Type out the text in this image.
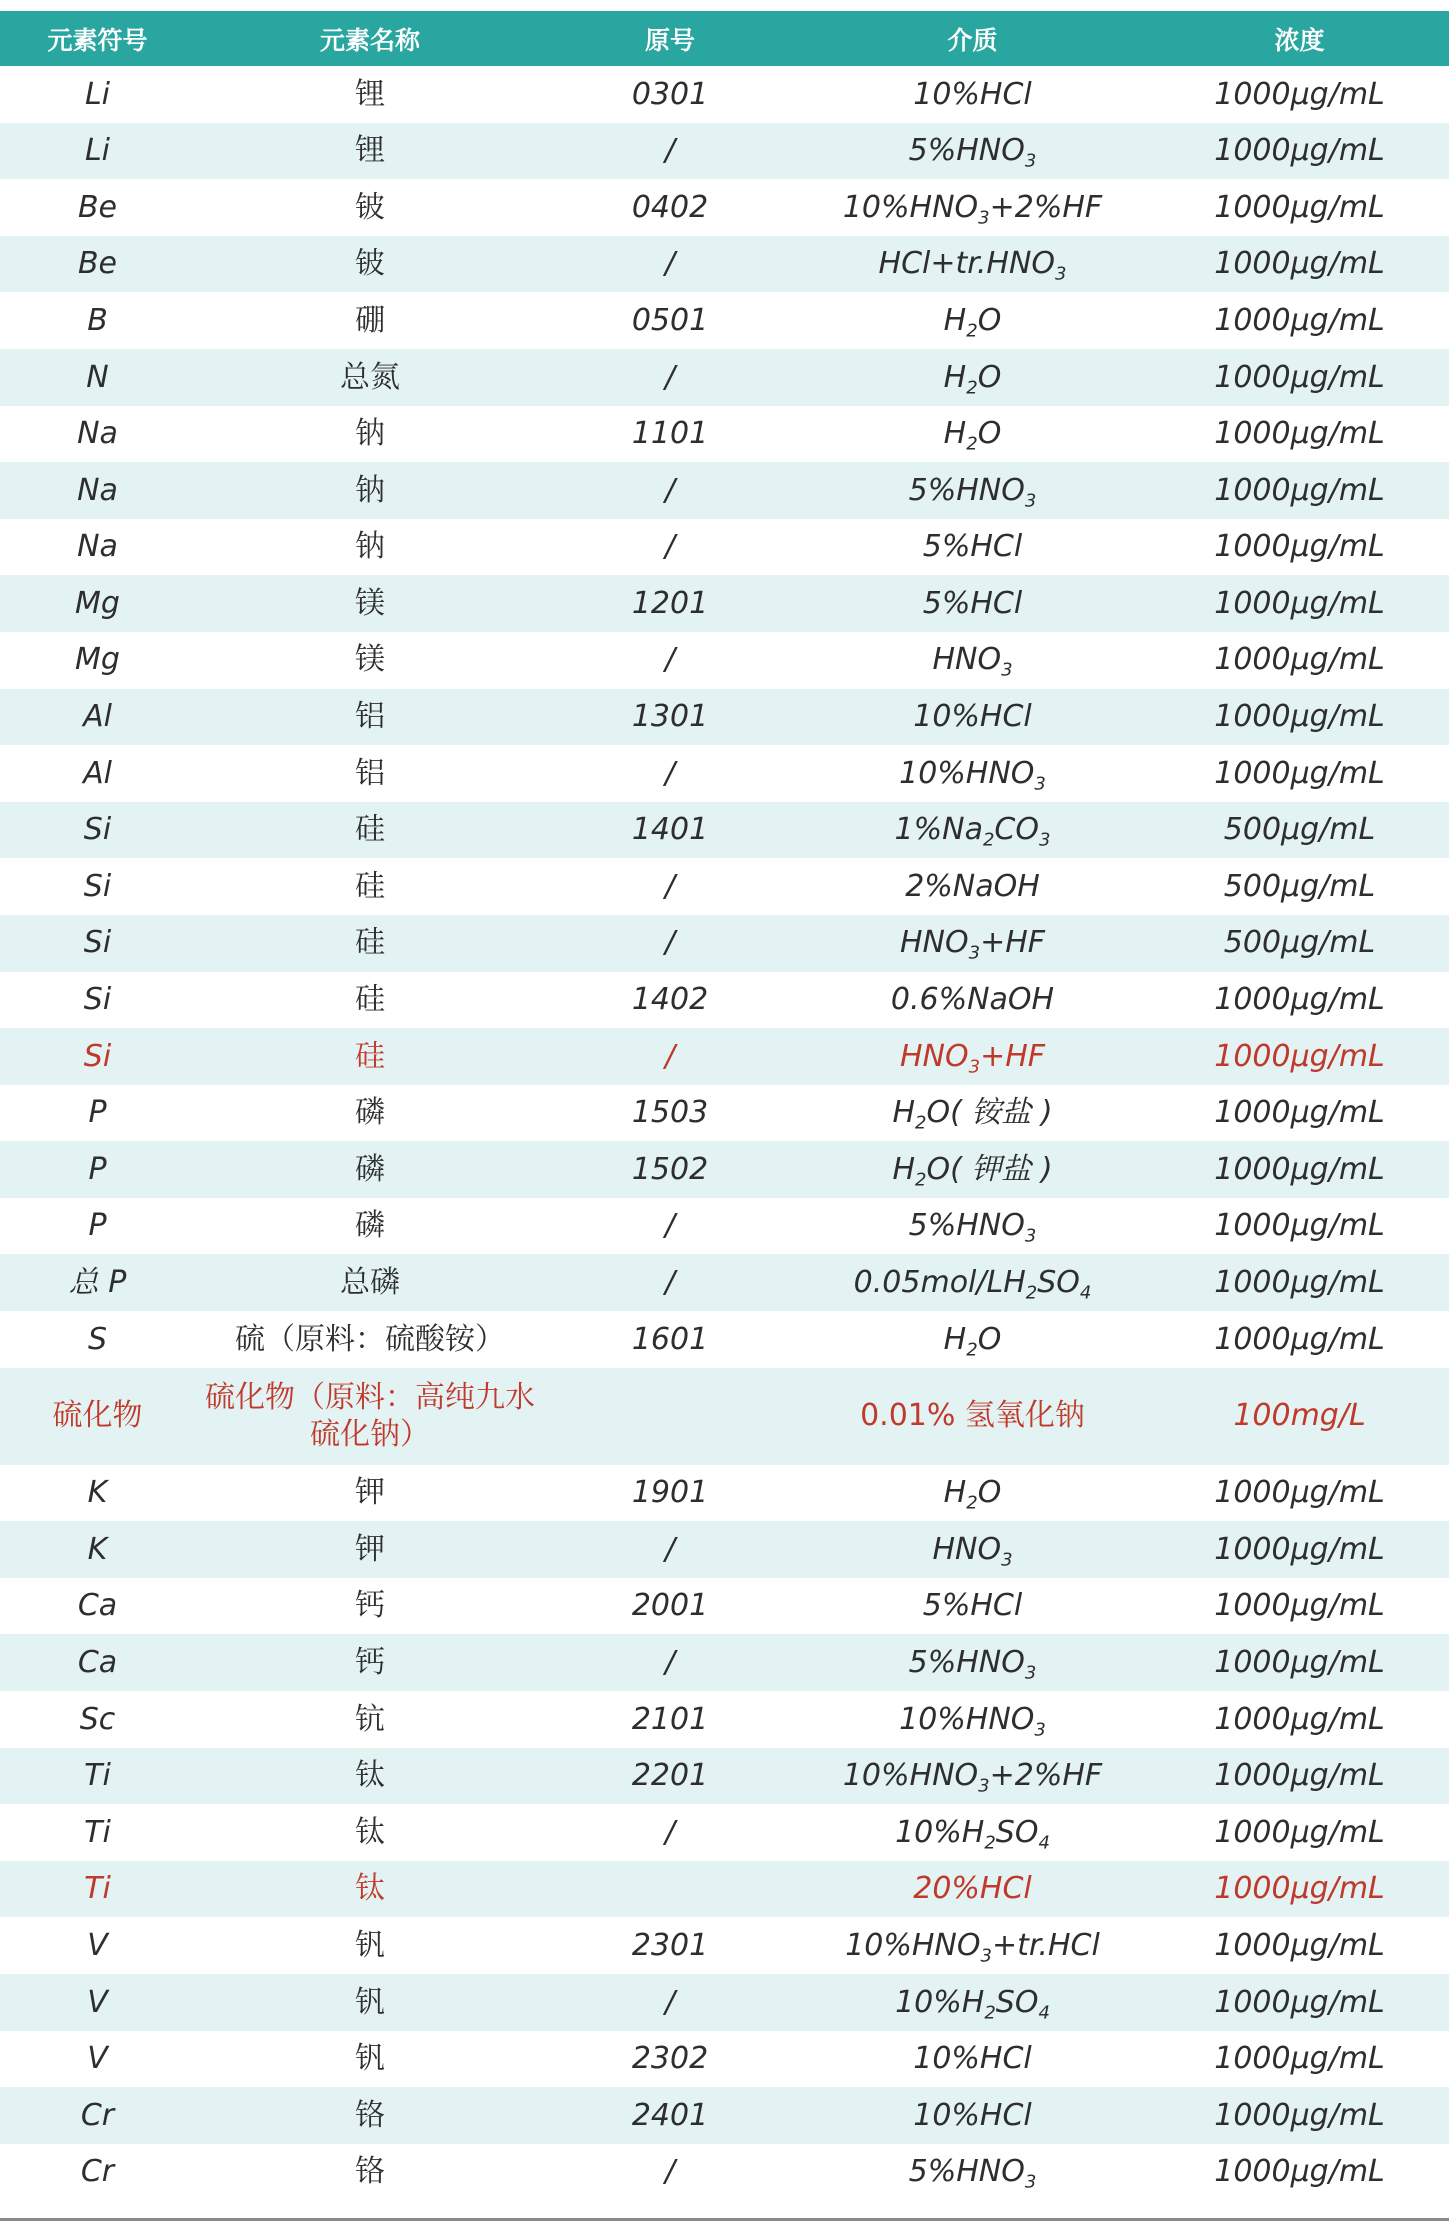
元素符号	元素名称	原号	介质	浓度
Li	锂	0301	10%HCl	1000μg/mL
Li	锂	/	$5\%HNO_3$	1000μg/mL
Be	铍	0402	$10\%HNO_3+2\%HF$	1000μg/mL
Be	铍	/	$HCl+tr.HNO_3$	1000μg/mL
B	硼	0501	$H_2O$	1000μg/mL
N	总氮	/	$H_2O$	1000μg/mL
Na	钠	1101	$H_2O$	1000μg/mL
Na	钠	/	$5\%HNO_3$	1000μg/mL
Na	钠	/	5%HCl	1000μg/mL
Mg	镁	1201	5%HCl	1000μg/mL
Mg	镁	/	$HNO_3$	1000μg/mL
Al	铝	1301	10%HCl	1000μg/mL
Al	铝	/	$10\%HNO_3$	1000μg/mL
Si	硅	1401	$1\%Na_2CO_3$	500μg/mL
Si	硅	/	2%NaOH	500μg/mL
Si	硅	/	$HNO_3+HF$	500μg/mL
Si	硅	1402	0.6%NaOH	1000μg/mL
Si	硅	/	$HNO_3+HF$	1000μg/mL
P	磷	1503	$H_2O$( 铵盐 )	1000μg/mL
P	磷	1502	$H_2O$( 钾盐 )	1000μg/mL
P	磷	/	$5\%HNO_3$	1000μg/mL
总 P	总磷	/	$0.05mol/LH_2SO_4$	1000μg/mL
S	硫（原料：硫酸铵）	1601	$H_2O$	1000μg/mL
硫化物	硫化物（原料：高纯九水硫化钠）		0.01% 氢氧化钠	100mg/L
K	钾	1901	$H_2O$	1000μg/mL
K	钾	/	$HNO_3$	1000μg/mL
Ca	钙	2001	5%HCl	1000μg/mL
Ca	钙	/	$5\%HNO_3$	1000μg/mL
Sc	钪	2101	$10\%HNO_3$	1000μg/mL
Ti	钛	2201	$10\%HNO_3+2\%HF$	1000μg/mL
Ti	钛	/	$10\%H_2SO_4$	1000μg/mL
Ti	钛		20%HCl	1000μg/mL
V	钒	2301	$10\%HNO_3+tr.HCl$	1000μg/mL
V	钒	/	$10\%H_2SO_4$	1000μg/mL
V	钒	2302	10%HCl	1000μg/mL
Cr	铬	2401	10%HCl	1000μg/mL
Cr	铬	/	$5\%HNO_3$	1000μg/mL
